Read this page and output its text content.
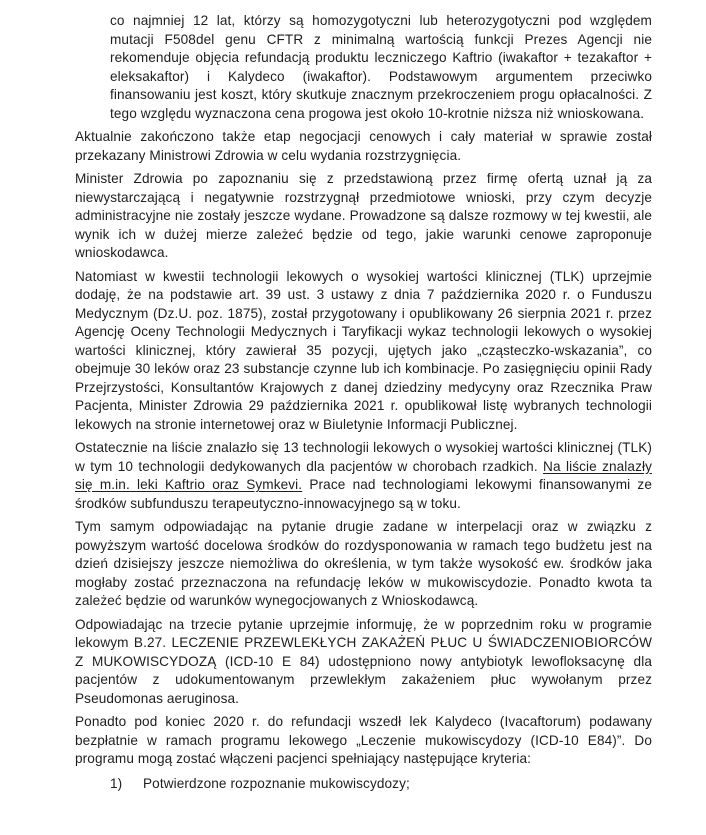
co najmniej 12 lat, którzy są homozygotyczni lub heterozygotyczni pod względem mutacji F508del genu CFTR z minimalną wartością funkcji Prezes Agencji nie rekomenduje objęcia refundacją produktu leczniczego Kaftrio (iwakaftor + tezakaftor + eleksakaftor) i Kalydeco (iwakaftor). Podstawowym argumentem przeciwko finansowaniu jest koszt, który skutkuje znacznym przekroczeniem progu opłacalności. Z tego względu wyznaczona cena progowa jest około 10-krotnie niższa niż wnioskowana.

Aktualnie zakończono także etap negocjacji cenowych i cały materiał w sprawie został przekazany Ministrowi Zdrowia w celu wydania rozstrzygnięcia.

Minister Zdrowia po zapoznaniu się z przedstawioną przez firmę ofertą uznał ją za niewystarczającą i negatywnie rozstrzygnął przedmiotowe wnioski, przy czym decyzje administracyjne nie zostały jeszcze wydane. Prowadzone są dalsze rozmowy w tej kwestii, ale wynik ich w dużej mierze zależeć będzie od tego, jakie warunki cenowe zaproponuje wnioskodawca.

Natomiast w kwestii technologii lekowych o wysokiej wartości klinicznej (TLK) uprzejmie dodaję, że na podstawie art. 39 ust. 3 ustawy z dnia 7 października 2020 r. o Funduszu Medycznym (Dz.U. poz. 1875), został przygotowany i opublikowany 26 sierpnia 2021 r. przez Agencję Oceny Technologii Medycznych i Taryfikacji wykaz technologii lekowych o wysokiej wartości klinicznej, który zawierał 35 pozycji, ujętych jako „cząsteczko-wskazania”, co obejmuje 30 leków oraz 23 substancje czynne lub ich kombinacje. Po zasięgnięciu opinii Rady Przejrzystości, Konsultantów Krajowych z danej dziedziny medycyny oraz Rzecznika Praw Pacjenta, Minister Zdrowia 29 października 2021 r. opublikował listę wybranych technologii lekowych na stronie internetowej oraz w Biuletynie Informacji Publicznej.

Ostatecznie na liście znalazło się 13 technologii lekowych o wysokiej wartości klinicznej (TLK) w tym 10 technologii dedykowanych dla pacjentów w chorobach rzadkich. Na liście znalazły się m.in. leki Kaftrio oraz Symkevi. Prace nad technologiami lekowymi finansowanymi ze środków subfunduszu terapeutyczno-innowacyjnego są w toku.

Tym samym odpowiadając na pytanie drugie zadane w interpelacji oraz w związku z powyższym wartość docelowa środków do rozdysponowania w ramach tego budżetu jest na dzień dzisiejszy jeszcze niemożliwa do określenia, w tym także wysokość ew. środków jaka mogłaby zostać przeznaczona na refundację leków w mukowiscydozie. Ponadto kwota ta zależeć będzie od warunków wynegocjowanych z Wnioskodawcą.

Odpowiadając na trzecie pytanie uprzejmie informuję, że w poprzednim roku w programie lekowym B.27. LECZENIE PRZEWLEKŁYCH ZAKAŻEŃ PŁUC U ŚWIADCZENIOBIORCÓW Z MUKOWISCYDOZĄ (ICD-10 E 84) udostępniono nowy antybiotyk lewofloksacynę dla pacjentów z udokumentowanym przewlekłym zakażeniem płuc wywołanym przez Pseudomonas aeruginosa.

Ponadto pod koniec 2020 r. do refundacji wszedł lek Kalydeco (Ivacaftorum) podawany bezpłatnie w ramach programu lekowego „Leczenie mukowiscydozy (ICD-10 E84)”. Do programu mogą zostać włączeni pacjenci spełniający następujące kryteria:

1)	Potwierdzone rozpoznanie mukowiscydozy;
